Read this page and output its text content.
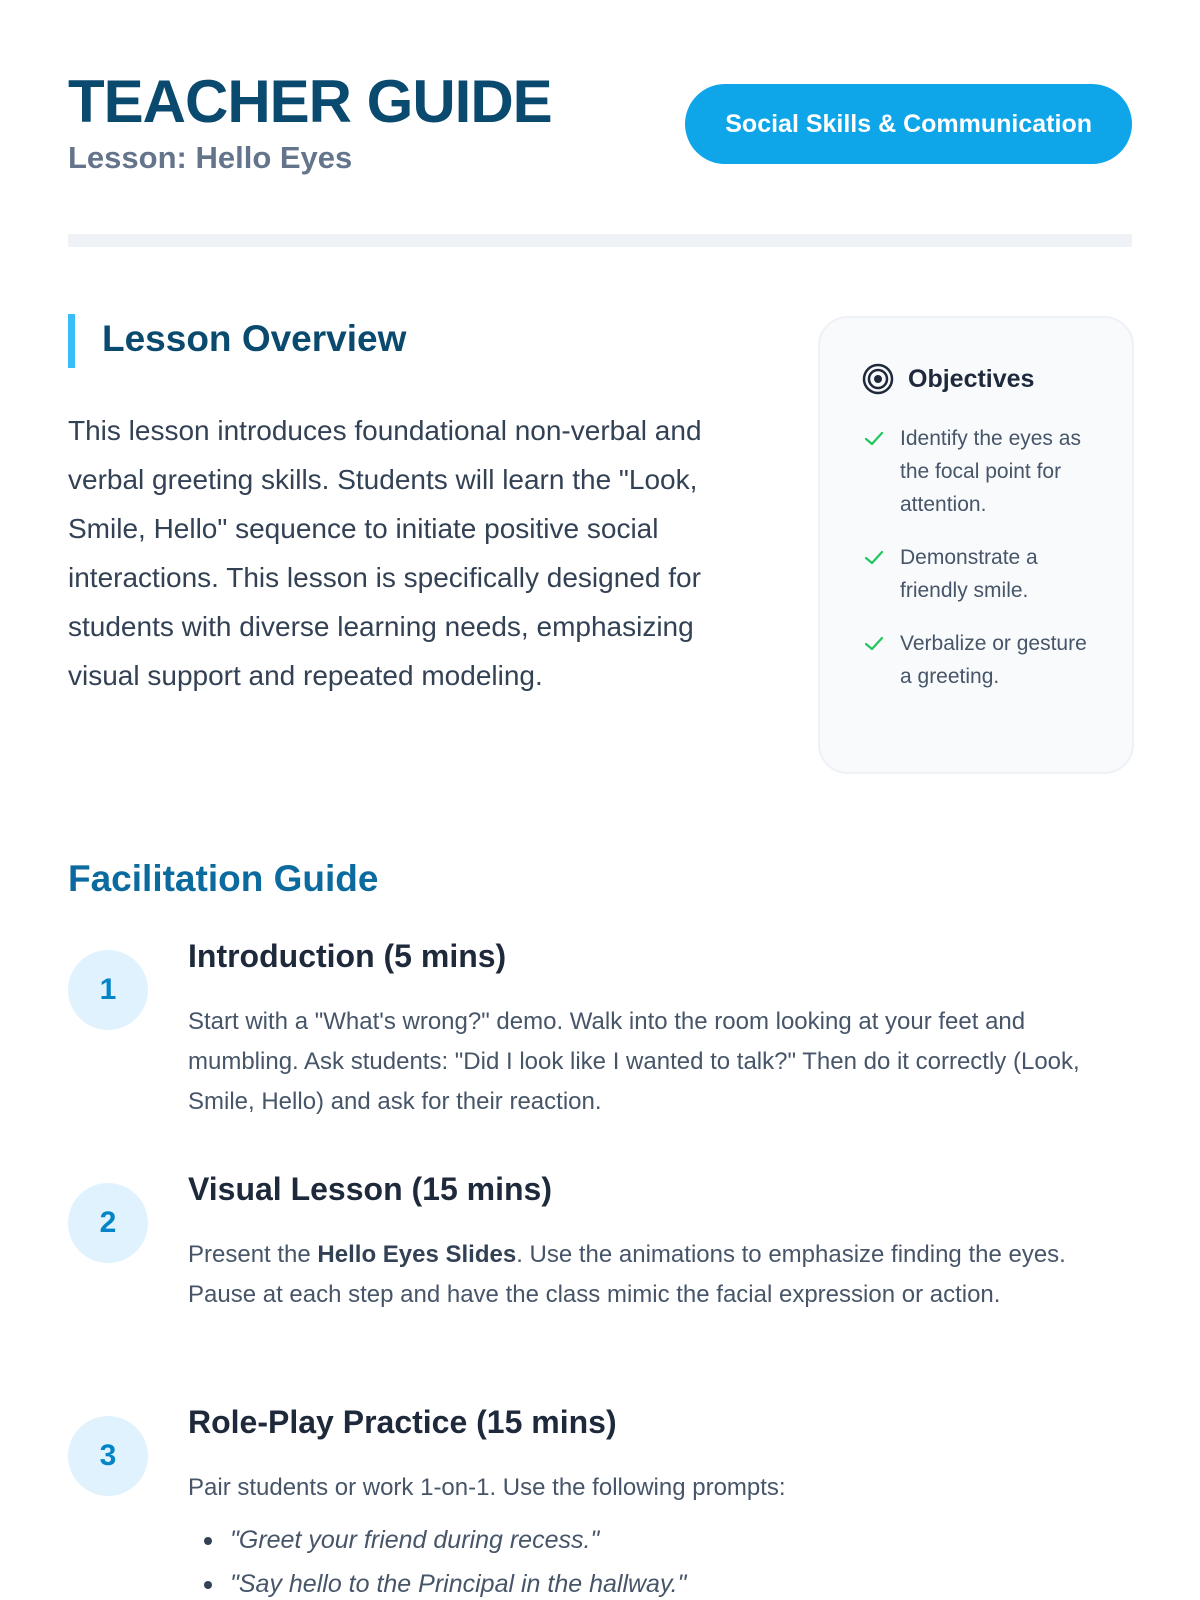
TEACHER GUIDE
Lesson: Hello Eyes
Social Skills & Communication
Lesson Overview

This lesson introduces foundational non-verbal and verbal greeting skills. Students will learn the "Look, Smile, Hello" sequence to initiate positive social interactions. This lesson is specifically designed for students with diverse learning needs, emphasizing visual support and repeated modeling.

Objectives
Identify the eyes as the focal point for attention.
Demonstrate a friendly smile.
Verbalize or gesture a greeting.
Facilitation Guide
1
Introduction (5 mins)

Start with a "What's wrong?" demo. Walk into the room looking at your feet and mumbling. Ask students: "Did I look like I wanted to talk?" Then do it correctly (Look, Smile, Hello) and ask for their reaction.

2
Visual Lesson (15 mins)

Present the Hello Eyes Slides. Use the animations to emphasize finding the eyes. Pause at each step and have the class mimic the facial expression or action.

3
Role-Play Practice (15 mins)

Pair students or work 1-on-1. Use the following prompts:

"Greet your friend during recess."
"Say hello to the Principal in the hallway."
